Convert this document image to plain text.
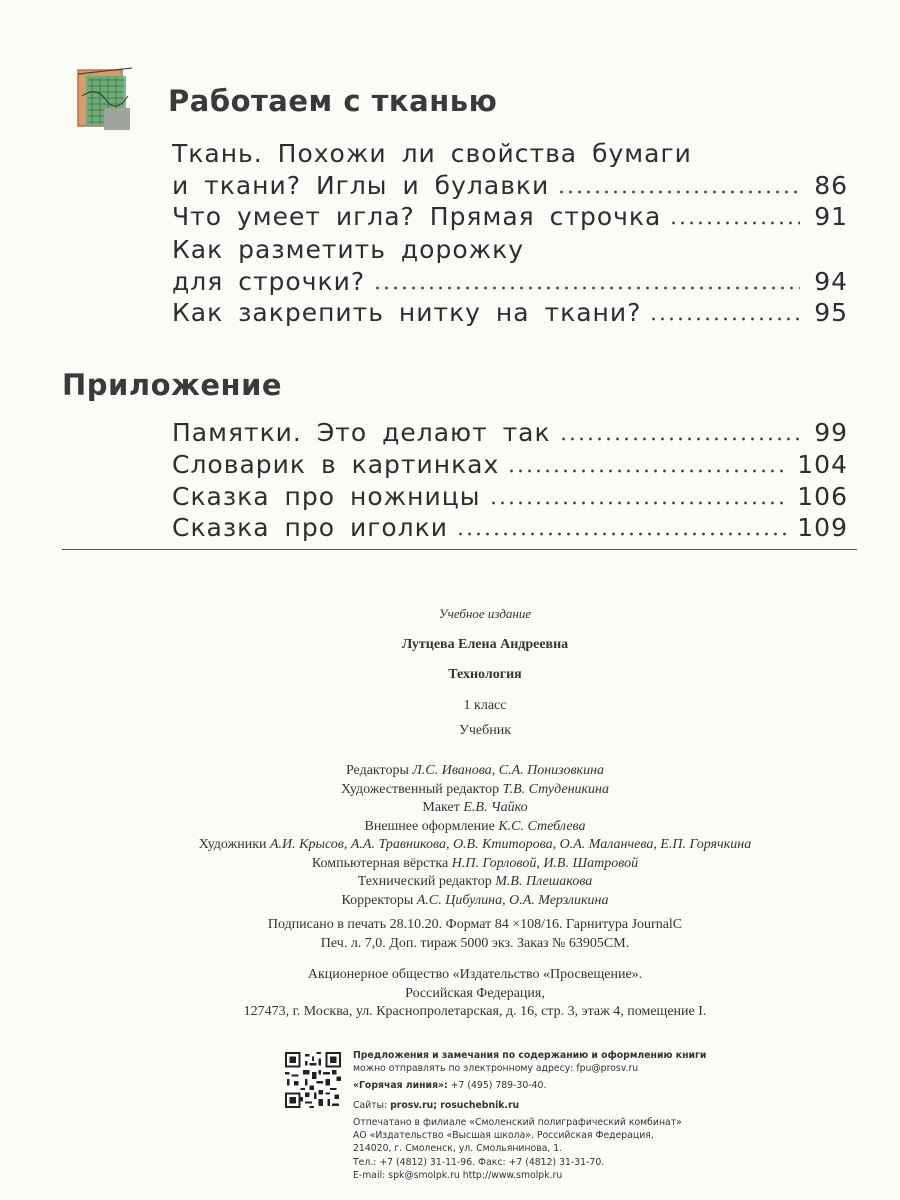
Работаем с тканью
Ткань. Похожи ли свойства бумаги
и ткани? Иглы и булавки	86
Что умеет игла? Прямая строчка	91
Как разметить дорожку
для строчки?	94
Как закрепить нитку на ткани?	95
Приложение
Памятки. Это делают так	99
Словарик в картинках	104
Сказка про ножницы	106
Сказка про иголки	109
Учебное издание
Лутцева Елена Андреевна
Технология
1 класс
Учебник
Редакторы Л.С. Иванова, С.А. Понизовкина
Художественный редактор Т.В. Студеникина
Макет Е.В. Чайко
Внешнее оформление К.С. Стеблева
Художники А.И. Крысов, А.А. Травникова, О.В. Ктиторова, О.А. Маланчева, Е.П. Горячкина
Компьютерная вёрстка Н.П. Горловой, И.В. Шатровой
Технический редактор М.В. Плешакова
Корректоры А.С. Цибулина, О.А. Мерзликина
Подписано в печать 28.10.20. Формат 84 ×108/16. Гарнитура JournalC
Печ. л. 7,0. Доп. тираж 5000 экз. Заказ № 63905СМ.
Акционерное общество «Издательство «Просвещение».
Российская Федерация,
127473, г. Москва, ул. Краснопролетарская, д. 16, стр. 3, этаж 4, помещение I.
Предложения и замечания по содержанию и оформлению книги
можно отправлять по электронному адресу: fpu@prosv.ru
«Горячая линия»: +7 (495) 789-30-40.
Сайты: prosv.ru; rosuchebnik.ru
Отпечатано в филиале «Смоленский полиграфический комбинат»
АО «Издательство «Высшая школа». Российская Федерация,
214020, г. Смоленск, ул. Смольянинова, 1.
Тел.: +7 (4812) 31-11-96. Факс: +7 (4812) 31-31-70.
E-mail: spk@smolpk.ru http://www.smolpk.ru
